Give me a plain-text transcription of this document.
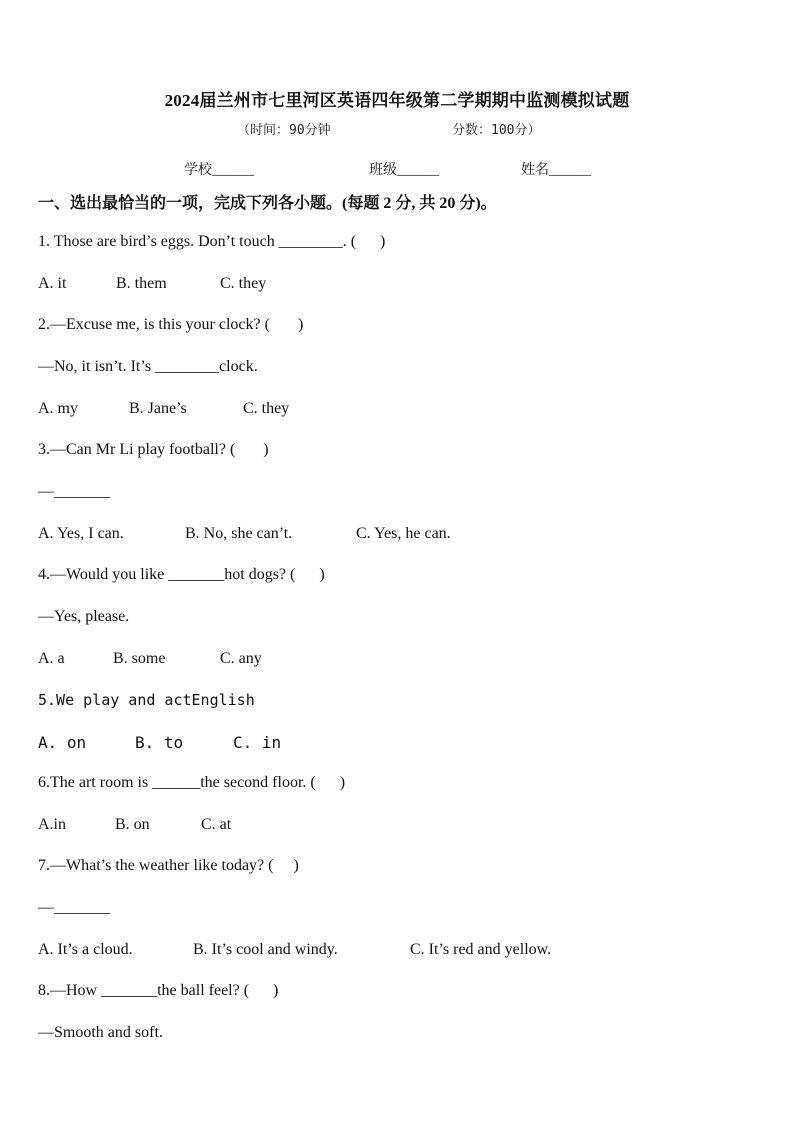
2024届兰州市七里河区英语四年级第二学期期中监测模拟试题
（时间：90分钟	分数：100分）
学校______	班级______	姓名______
一、选出最恰当的一项，完成下列各小题。(每题 2 分, 共 20 分)。
1. Those are bird’s eggs. Don’t touch ________. (      )
A. it	B. them	C. they
2.—Excuse me, is this your clock? (       )
—No, it isn’t. It’s ________clock.
A. my	B. Jane’s	C. they
3.—Can Mr Li play football? (       )
—_______
A. Yes, I can.	B. No, she can’t.	C. Yes, he can.
4.—Would you like _______hot dogs? (      )
—Yes, please.
A. a	B. some	C. any
5.We play and actEnglish
A. on	B. to	C. in
6.The art room is ______the second floor. (      )
A.in	B. on	C. at
7.—What’s the weather like today? (     )
—_______
A. It’s a cloud.	B. It’s cool and windy.	C. It’s red and yellow.
8.—How _______the ball feel? (      )
—Smooth and soft.
